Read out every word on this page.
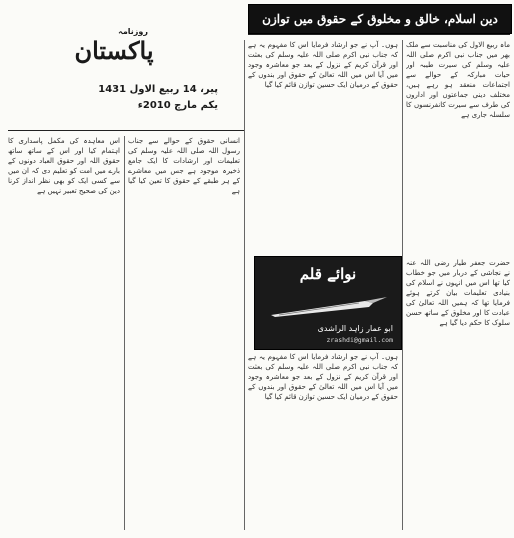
دین اسلام، خالق و مخلوق کے حقوق میں توازن
روزنامہ
پاکستان
پیر، 14 ربیع الاول 1431
یکم مارچ 2010ء
ماہ ربیع الاول کی مناسبت سے ملک بھر میں جناب نبی اکرم صلی اللہ علیہ وسلم کی سیرت طیبہ اور حیات مبارکہ کے حوالے سے اجتماعات منعقد ہو رہے ہیں، مختلف دینی جماعتوں اور اداروں کی طرف سے سیرت کانفرنسوں کا سلسلہ جاری ہے
ہوں۔ آپ نے جو ارشاد فرمایا اس کا مفہوم یہ ہے کہ جناب نبی اکرم صلی اللہ علیہ وسلم کی بعثت اور قرآن کریم کے نزول کے بعد جو معاشرہ وجود میں آیا اس میں اللہ تعالیٰ کے حقوق اور بندوں کے حقوق کے درمیان ایک حسین توازن قائم کیا گیا
نوائے قلم
ابو عمار زاہد الراشدی
zrashdi@gmail.com
حضرت جعفر طیار رضی اللہ عنہ نے نجاشی کے دربار میں جو خطاب کیا تھا اس میں انہوں نے اسلام کی بنیادی تعلیمات بیان کرتے ہوئے فرمایا تھا کہ ہمیں اللہ تعالیٰ کی عبادت کا اور مخلوق کے ساتھ حسن سلوک کا حکم دیا گیا ہے
ہوں۔ آپ نے جو ارشاد فرمایا اس کا مفہوم یہ ہے کہ جناب نبی اکرم صلی اللہ علیہ وسلم کی بعثت اور قرآن کریم کے نزول کے بعد جو معاشرہ وجود میں آیا اس میں اللہ تعالیٰ کے حقوق اور بندوں کے حقوق کے درمیان ایک حسین توازن قائم کیا گیا
انسانی حقوق کے حوالے سے جناب رسول اللہ صلی اللہ علیہ وسلم کی تعلیمات اور ارشادات کا ایک جامع ذخیرہ موجود ہے جس میں معاشرے کے ہر طبقے کے حقوق کا تعین کیا گیا ہے
اس معاہدہ کی مکمل پاسداری کا اہتمام کیا اور اس کے ساتھ ساتھ حقوق اللہ اور حقوق العباد دونوں کے بارے میں امت کو تعلیم دی کہ ان میں سے کسی ایک کو بھی نظر انداز کرنا دین کی صحیح تعبیر نہیں ہے
